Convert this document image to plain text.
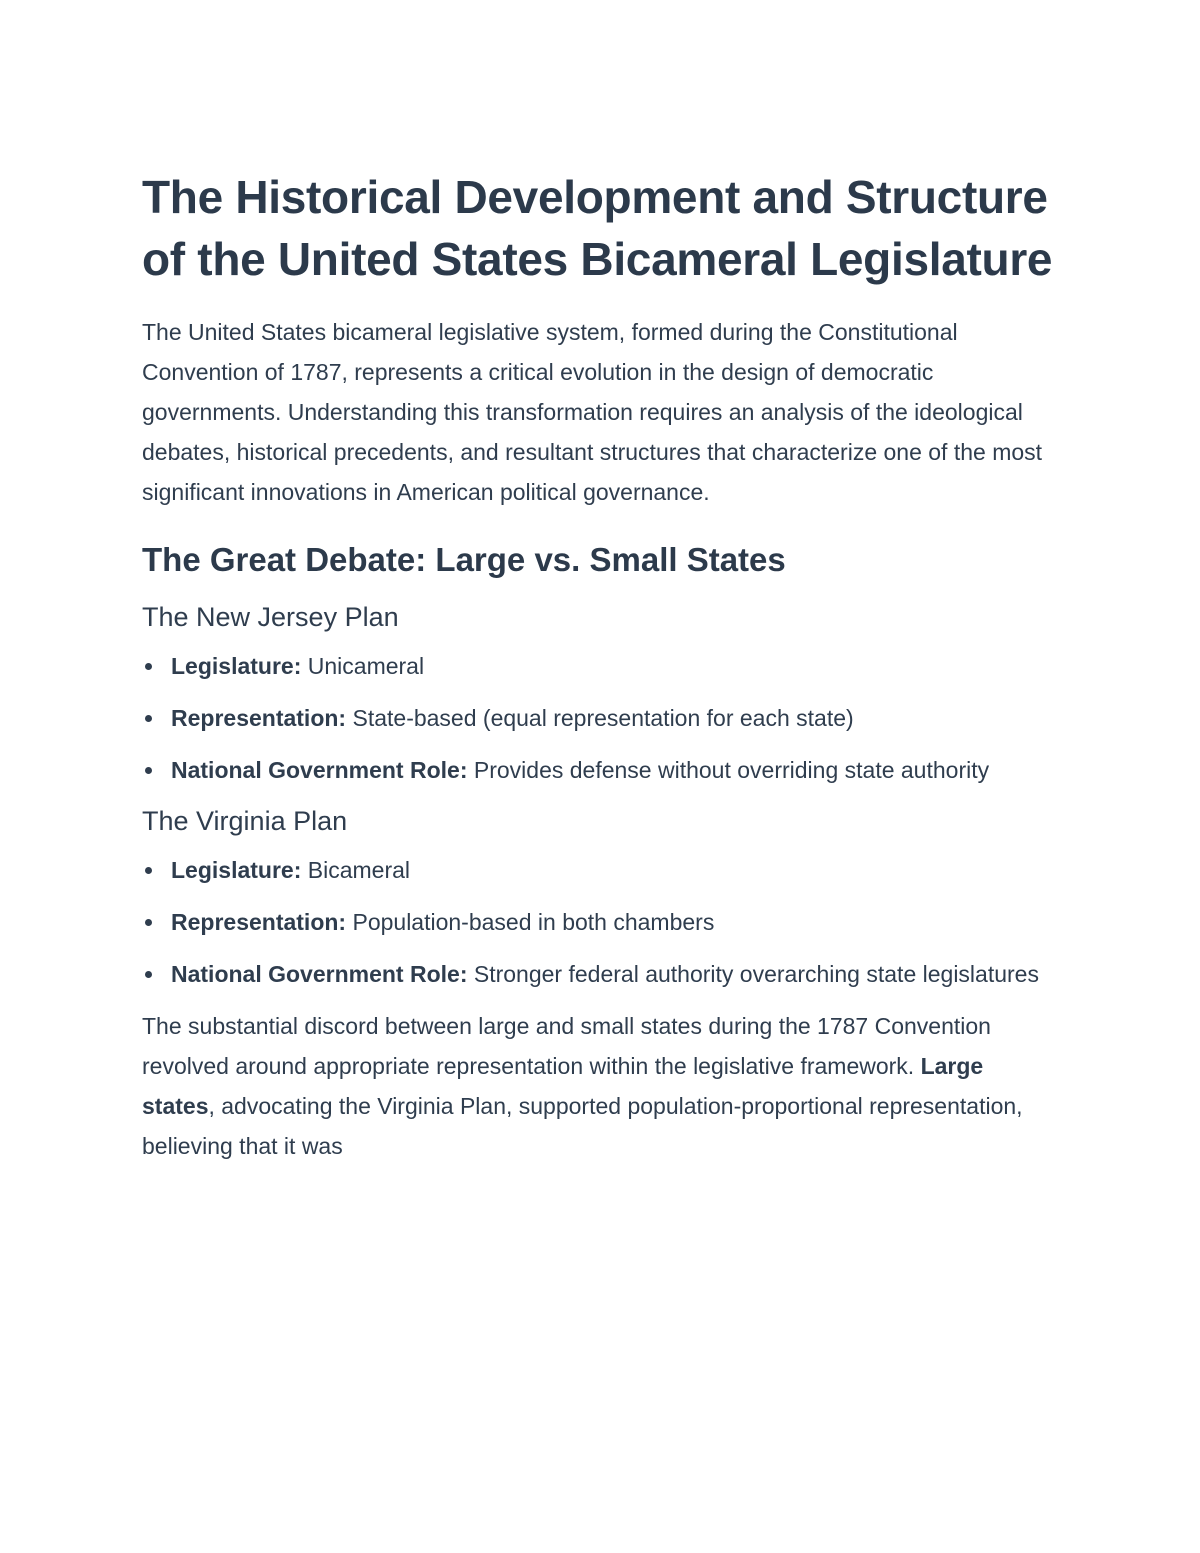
The Historical Development and Structure of the United States Bicameral Legislature

The United States bicameral legislative system, formed during the Constitutional Convention of 1787, represents a critical evolution in the design of democratic governments. Understanding this transformation requires an analysis of the ideological debates, historical precedents, and resultant structures that characterize one of the most significant innovations in American political governance.

The Great Debate: Large vs. Small States
The New Jersey Plan
Legislature: Unicameral
Representation: State-based (equal representation for each state)
National Government Role: Provides defense without overriding state authority
The Virginia Plan
Legislature: Bicameral
Representation: Population-based in both chambers
National Government Role: Stronger federal authority overarching state legislatures

The substantial discord between large and small states during the 1787 Convention revolved around appropriate representation within the legislative framework. Large states, advocating the Virginia Plan, supported population-proportional representation, believing that it was
